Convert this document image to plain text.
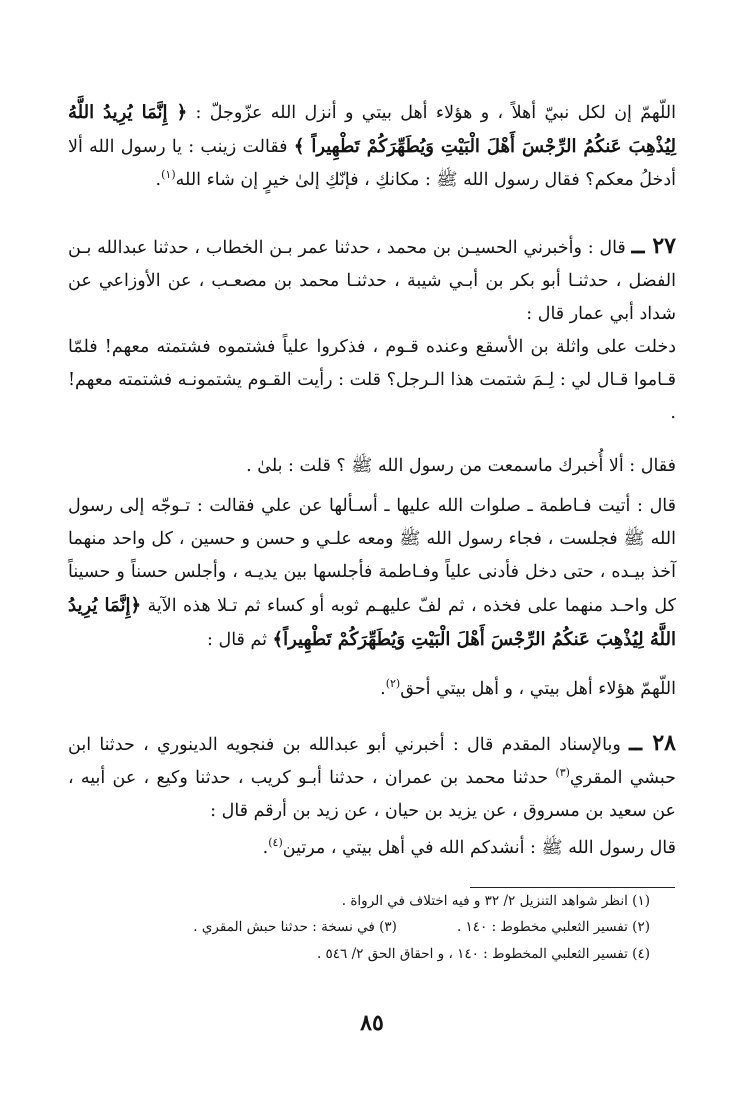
اللّهمّ إن لكل نبيّ أهلاً ، و هؤلاء أهل بيتي و أنزل الله عزّوجلّ : ﴿ إِنَّمَا يُرِيدُ اللَّهُ لِيُذْهِبَ عَنكُمُ الرِّجْسَ أَهْلَ الْبَيْتِ وَيُطَهِّرَكُمْ تَطْهِيراً ﴾ فقالت زينب : يا رسول الله ألا أدخلُ معكم؟ فقال رسول الله ﷺ : مكانكِ ، فإنّكِ إلىٰ خيرٍ إن شاء الله$^{(١)}$.

٢٧ ــ قال : وأخبرني الحسيـن بن محمد ، حدثنا عمر بـن الخطاب ، حدثنا عبدالله بـن الفضل ، حدثنـا أبو بكر بن أبـي شيبة ، حدثنـا محمد بن مصعـب ، عن الأوزاعي عن شداد أبي عمار قال :

دخلت على واثلة بن الأسقع وعنده قـوم ، فذكروا علياً فشتموه فشتمته معهم! فلمّا قـاموا قـال لي : لِـمَ شتمت هذا الـرجل؟ قلت : رأيت القـوم يشتمونـه فشتمته معهم! .

فقال : ألا أُخبرك ماسمعت من رسول الله ﷺ ؟ قلت : بلىٰ .

قال : أتيت فـاطمة ـ صلوات الله عليها ـ أسـألها عن علي فقالت : تـوجّه إلى رسول الله ﷺ فجلست ، فجاء رسول الله ﷺ ومعه علـي و حسن و حسين ، كل واحد منهما آخذ بيـده ، حتى دخل فأدنى علياً وفـاطمة فأجلسها بين يديـه ، وأجلس حسناً و حسيناً كل واحـد منهما على فخذه ، ثم لفّ عليهـم ثوبه أو كساء ثم تـلا هذه الآية ﴿إِنَّمَا يُرِيدُ اللَّهُ لِيُذْهِبَ عَنكُمُ الرِّجْسَ أَهْلَ الْبَيْتِ وَيُطَهِّرَكُمْ تَطْهِيراً﴾ ثم قال :

اللّهمّ هؤلاء أهل بيتي ، و أهل بيتي أحق$^{(٢)}$.

٢٨ ــ وبالإسناد المقدم قال : أخبرني أبو عبدالله بن فنجويه الدينوري ، حدثنا ابن حبشي المقري$^{(٣)}$ حدثنا محمد بن عمران ، حدثنا أبـو كريب ، حدثنا وكيع ، عن أبيه ، عن سعيد بن مسروق ، عن يزيد بن حيان ، عن زيد بن أرقم قال :

قال رسول الله ﷺ : أنشدكم الله في أهل بيتي ، مرتين$^{(٤)}$.

(١) انظر شواهد التنزيل ٢/ ٣٢ و فيه اختلاف في الرواة .
(٢) تفسير الثعلبي مخطوط : ١٤٠ .(٣) في نسخة : حدثنا حبش المقري .
(٤) تفسير الثعلبي المخطوط : ١٤٠ ، و احقاق الحق ٢/ ٥٤٦ .
٨٥
